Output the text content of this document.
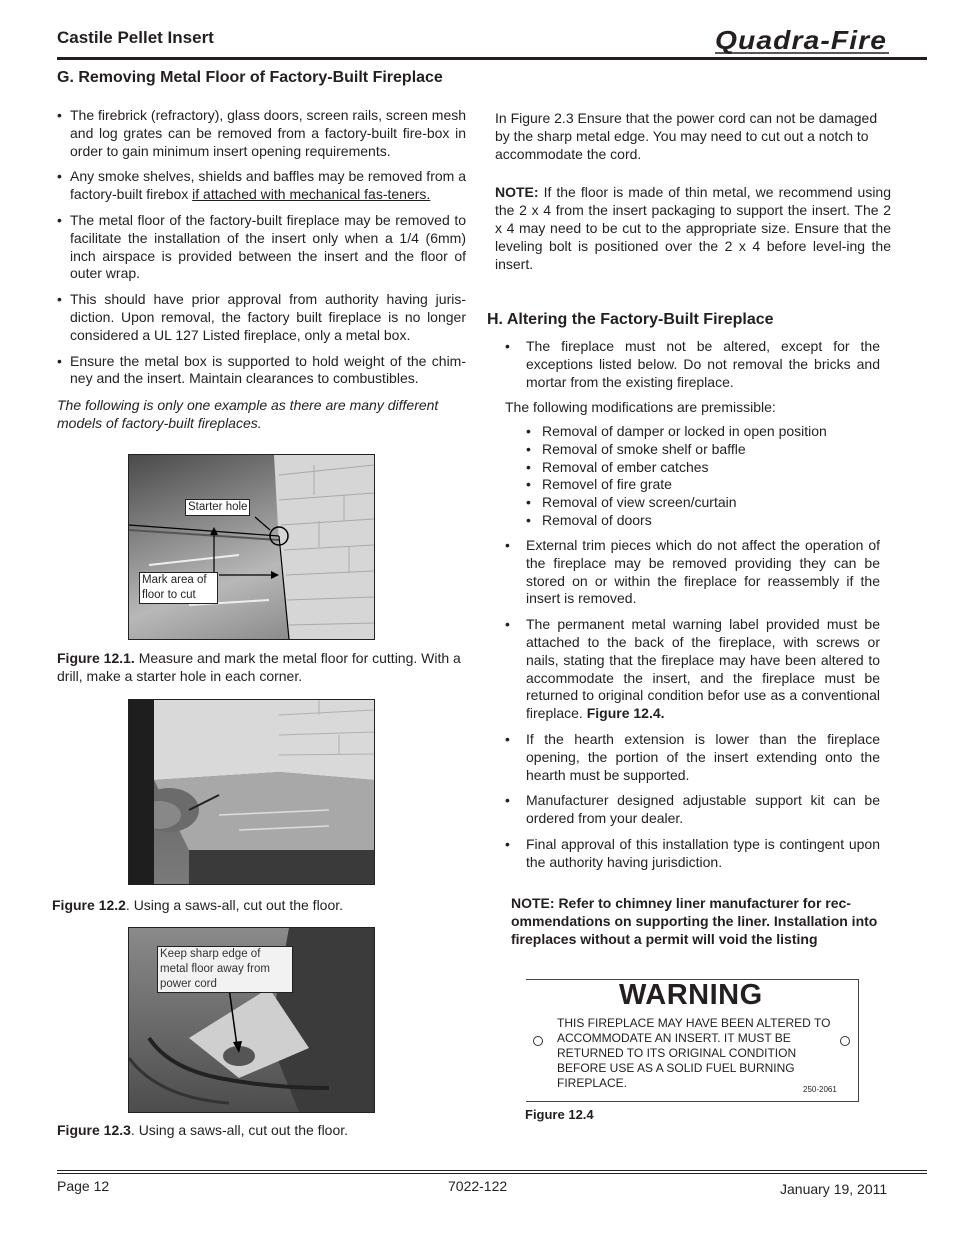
Castile Pellet Insert	Quadra-Fire
G. Removing Metal Floor of Factory-Built Fireplace
• The firebrick (refractory), glass doors, screen rails, screen mesh and log grates can be removed from a factory-built fire-box in order to gain minimum insert opening requirements.
• Any smoke shelves, shields and baffles may be removed from a factory-built firebox if attached with mechanical fas-teners.
• The metal floor of the factory-built fireplace may be removed to facilitate the installation of the insert only when a 1/4 (6mm) inch airspace is provided between the insert and the floor of outer wrap.
• This should have prior approval from authority having juris-diction. Upon removal, the factory built fireplace is no longer considered a UL 127 Listed fireplace, only a metal box.
• Ensure the metal box is supported to hold weight of the chim-ney and the insert. Maintain clearances to combustibles.
The following is only one example as there are many different models of factory-built fireplaces.
Starter hole
Mark area of floor to cut
Figure 12.1. Measure and mark the metal floor for cutting. With a drill, make a starter hole in each corner.
Figure 12.2. Using a saws-all, cut out the floor.
Keep sharp edge of metal floor away from power cord
Figure 12.3. Using a saws-all, cut out the floor.
In Figure 2.3 Ensure that the power cord can not be damaged by the sharp metal edge. You may need to cut out a notch to accommodate the cord.
NOTE: If the floor is made of thin metal, we recommend using the 2 x 4 from the insert packaging to support the insert. The 2 x 4 may need to be cut to the appropriate size. Ensure that the leveling bolt is positioned over the 2 x 4 before level-ing the insert.
H. Altering the Factory-Built Fireplace
• The fireplace must not be altered, except for the exceptions listed below. Do not removal the bricks and mortar from the existing fireplace.
The following modifications are premissible:
• Removal of damper or locked in open position
• Removal of smoke shelf or baffle
• Removal of ember catches
• Removel of fire grate
• Removal of view screen/curtain
• Removal of doors
• External trim pieces which do not affect the operation of the fireplace may be removed providing they can be stored on or within the fireplace for reassembly if the insert is removed.
• The permanent metal warning label provided must be attached to the back of the fireplace, with screws or nails, stating that the fireplace may have been altered to accommodate the insert, and the fireplace must be returned to original condition befor use as a conventional fireplace. Figure 12.4.
• If the hearth extension is lower than the fireplace opening, the portion of the insert extending onto the hearth must be supported.
• Manufacturer designed adjustable support kit can be ordered from your dealer.
• Final approval of this installation type is contingent upon the authority having jurisdiction.
NOTE: Refer to chimney liner manufacturer for rec-ommendations on supporting the liner. Installation into fireplaces without a permit will void the listing
WARNING
THIS FIREPLACE MAY HAVE BEEN ALTERED TO ACCOMMODATE AN INSERT. IT MUST BE RETURNED TO ITS ORIGINAL CONDITION BEFORE USE AS A SOLID FUEL BURNING FIREPLACE.	250-2061
Figure 12.4
Page 12	7022-122	January 19, 2011
